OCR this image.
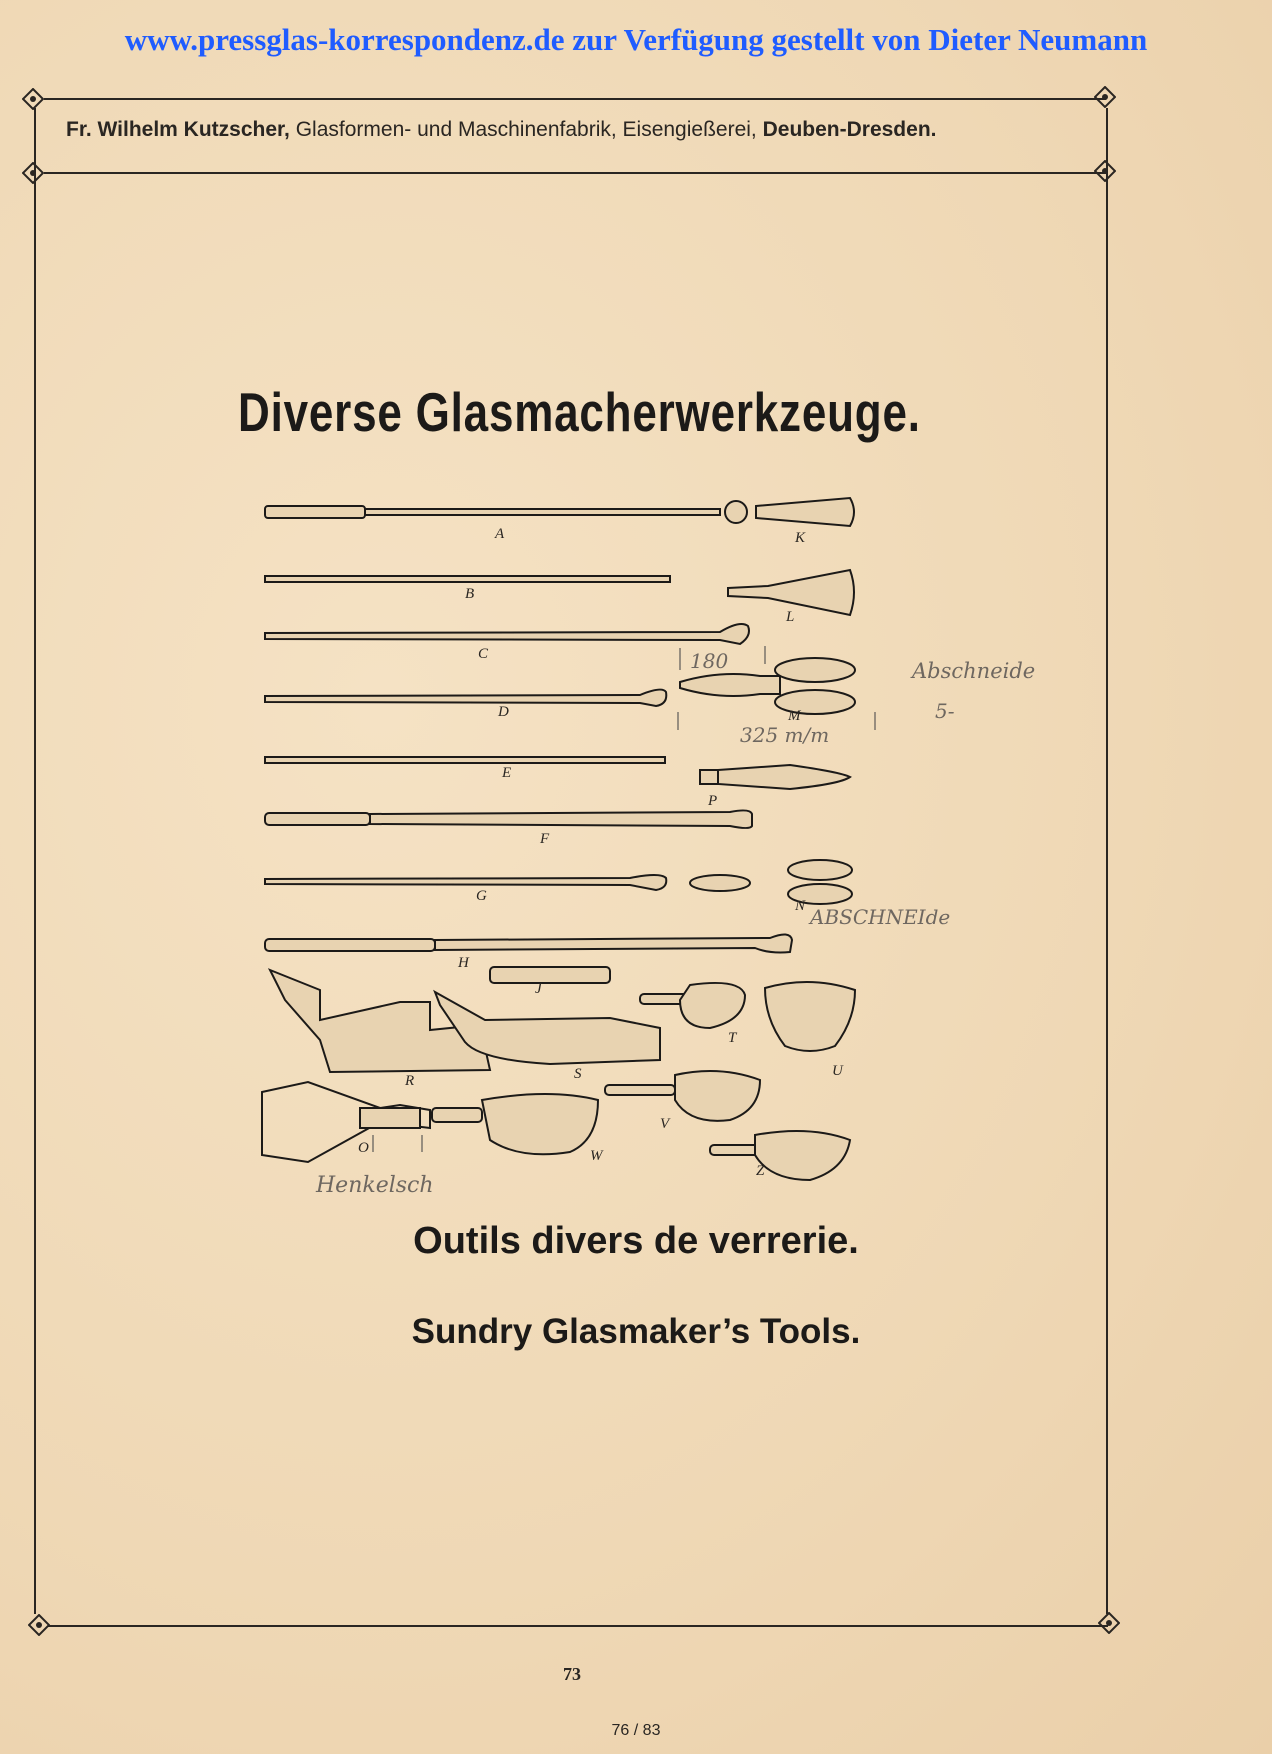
www.pressglas-korrespondenz.de zur Verfügung gestellt von Dieter Neumann
Fr. Wilhelm Kutzscher, Glasformen- und Maschinenfabrik, Eisengießerei, Deuben-Dresden.
Diverse Glasmacherwerkzeuge.
A
B
C
D
E
F
G
H
J
K
L
M
N
O
P
R	S
T
U
V
W
Z
180
325 m/m
Abschneide
5-
ABSCHNEIde
Henkelsch
Outils divers de verrerie.
Sundry Glasmaker’s Tools.
73
76 / 83
